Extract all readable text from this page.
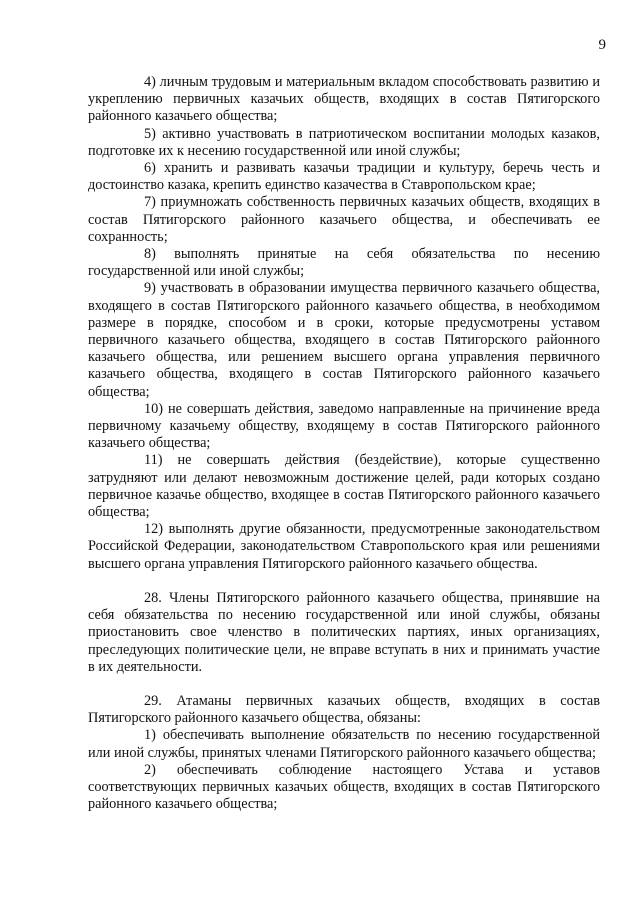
9

4) личным трудовым и материальным вкладом способствовать развитию и укреплению первичных казачьих обществ, входящих в состав Пятигорского районного казачьего общества;

5) активно участвовать в патриотическом воспитании молодых казаков, подготовке их к несению государственной или иной службы;

6) хранить и развивать казачьи традиции и культуру, беречь честь и достоинство казака, крепить единство казачества в Ставропольском крае;

7) приумножать собственность первичных казачьих обществ, входящих в состав Пятигорского районного казачьего общества, и обеспечивать ее сохранность;

8) выполнять принятые на себя обязательства по несению государственной или иной службы;

9) участвовать в образовании имущества первичного казачьего общества, входящего в состав Пятигорского районного казачьего общества, в необходимом размере в порядке, способом и в сроки, которые предусмотрены уставом первичного казачьего общества, входящего в состав Пятигорского районного казачьего общества, или решением высшего органа управления первичного казачьего общества, входящего в состав Пятигорского районного казачьего общества;

10) не совершать действия, заведомо направленные на причинение вреда первичному казачьему обществу, входящему в состав Пятигорского районного казачьего общества;

11) не совершать действия (бездействие), которые существенно затрудняют или делают невозможным достижение целей, ради которых создано первичное казачье общество, входящее в состав Пятигорского районного казачьего общества;

12) выполнять другие обязанности, предусмотренные законодательством Российской Федерации, законодательством Ставропольского края или решениями высшего органа управления Пятигорского районного казачьего общества.

28. Члены Пятигорского районного казачьего общества, принявшие на себя обязательства по несению государственной или иной службы, обязаны приостановить свое членство в политических партиях, иных организациях, преследующих политические цели, не вправе вступать в них и принимать участие в их деятельности.

29. Атаманы первичных казачьих обществ, входящих в состав Пятигорского районного казачьего общества, обязаны:

1) обеспечивать выполнение обязательств по несению государственной или иной службы, принятых членами Пятигорского районного казачьего общества;

2) обеспечивать соблюдение настоящего Устава и уставов соответствующих первичных казачьих обществ, входящих в состав Пятигорского районного казачьего общества;
